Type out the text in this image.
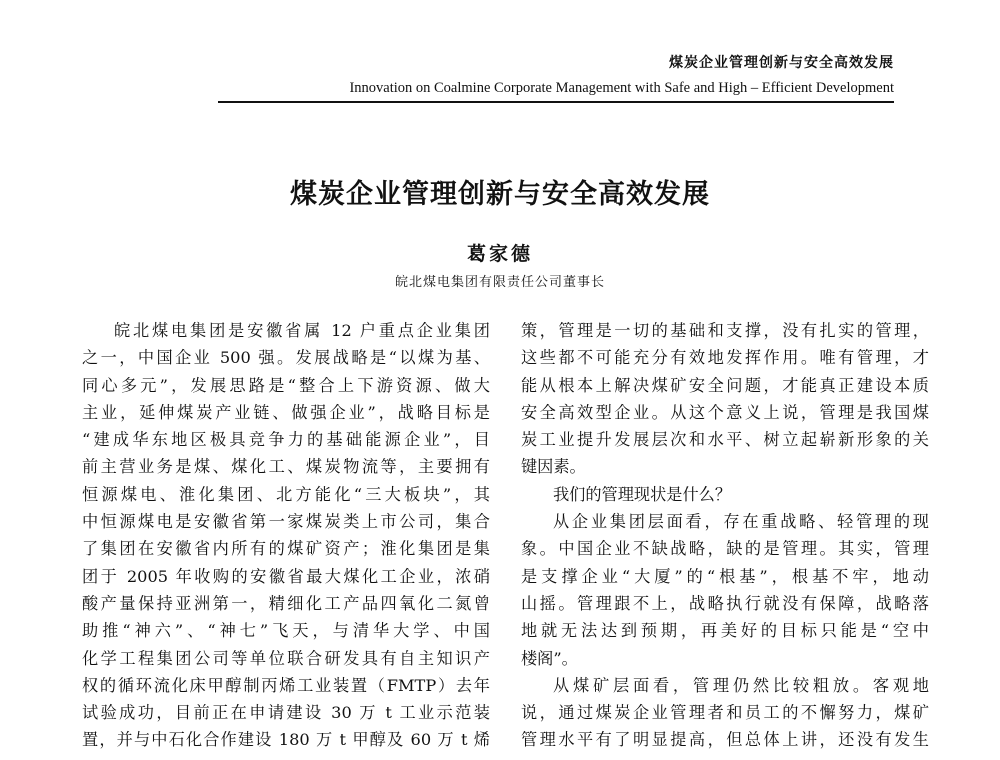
煤炭企业管理创新与安全高效发展
Innovation on Coalmine Corporate Management with Safe and High – Efficient Development
煤炭企业管理创新与安全高效发展
葛家德
皖北煤电集团有限责任公司董事长
皖北煤电集团是安徽省属 12 户重点企业集团
之一，中国企业 500 强。发展战略是“以煤为基、
同心多元”，发展思路是“整合上下游资源、做大
主业，延伸煤炭产业链、做强企业”，战略目标是
“建成华东地区极具竞争力的基础能源企业”，目
前主营业务是煤、煤化工、煤炭物流等，主要拥有
恒源煤电、淮化集团、北方能化“三大板块”，其
中恒源煤电是安徽省第一家煤炭类上市公司，集合
了集团在安徽省内所有的煤矿资产；淮化集团是集
团于 2005 年收购的安徽省最大煤化工企业，浓硝
酸产量保持亚洲第一，精细化工产品四氧化二氮曾
助推“神六”、“神七”飞天，与清华大学、中国
化学工程集团公司等单位联合研发具有自主知识产
权的循环流化床甲醇制丙烯工业装置（FMTP）去年
试验成功，目前正在申请建设 30 万 t 工业示范装
置，并与中石化合作建设 180 万 t 甲醇及 60 万 t 烯
策，管理是一切的基础和支撑，没有扎实的管理，
这些都不可能充分有效地发挥作用。唯有管理，才
能从根本上解决煤矿安全问题，才能真正建设本质
安全高效型企业。从这个意义上说，管理是我国煤
炭工业提升发展层次和水平、树立起崭新形象的关
键因素。
我们的管理现状是什么？
从企业集团层面看，存在重战略、轻管理的现
象。中国企业不缺战略，缺的是管理。其实，管理
是支撑企业“大厦”的“根基”，根基不牢，地动
山摇。管理跟不上，战略执行就没有保障，战略落
地就无法达到预期，再美好的目标只能是“空中
楼阁”。
从煤矿层面看，管理仍然比较粗放。客观地
说，通过煤炭企业管理者和员工的不懈努力，煤矿
管理水平有了明显提高，但总体上讲，还没有发生
